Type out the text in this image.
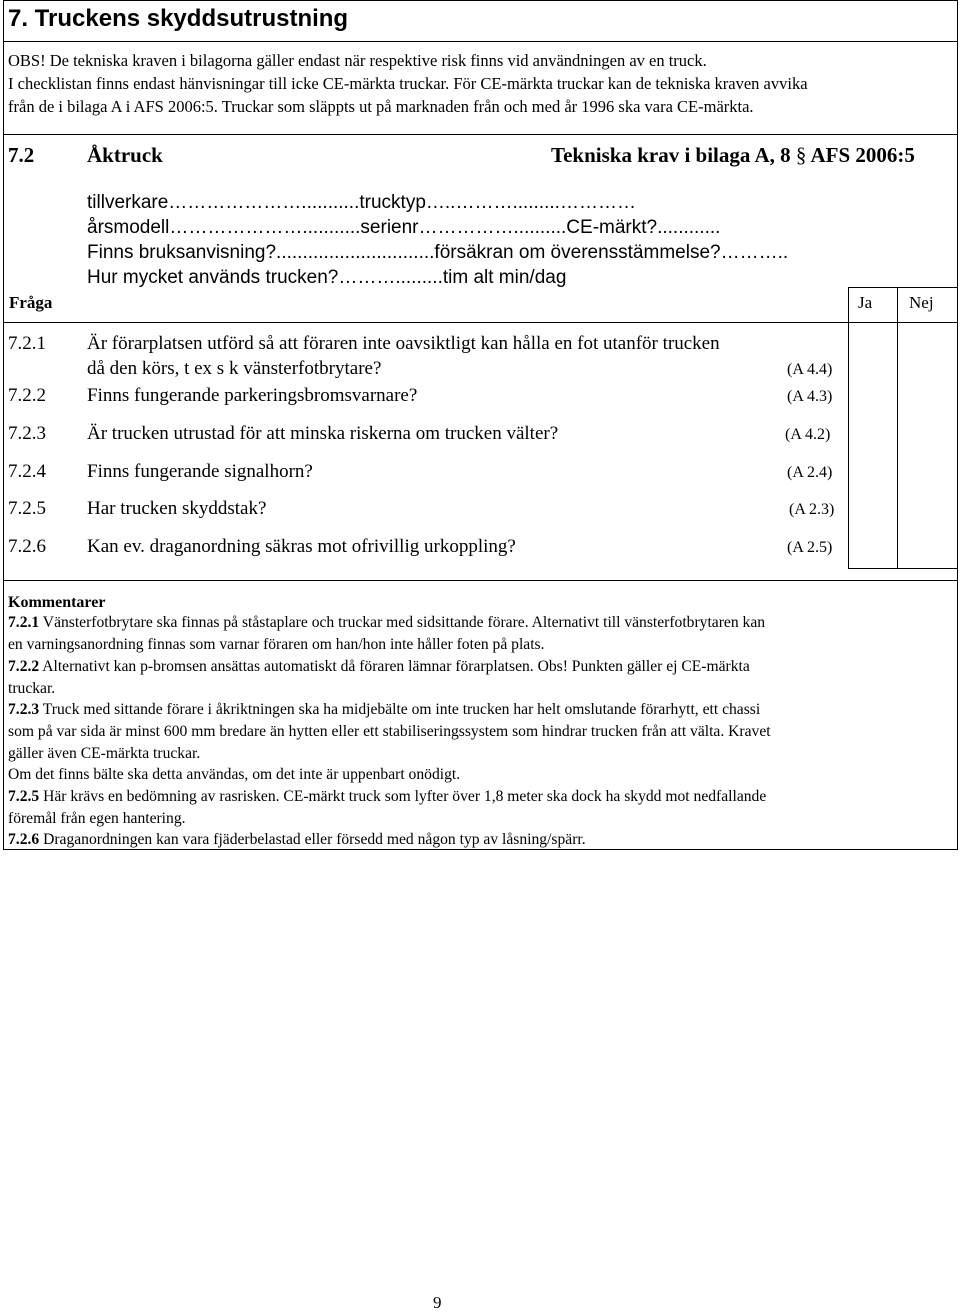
7. Truckens skyddsutrustning
OBS! De tekniska kraven i bilagorna gäller endast när respektive risk finns vid användningen av en truck.
I checklistan finns endast hänvisningar till icke CE-märkta truckar. För CE-märkta truckar kan de tekniska kraven avvika
från de i bilaga A i AFS 2006:5. Truckar som släppts ut på marknaden från och med år 1996 ska vara CE-märkta.
7.2	Åktruck	Tekniska krav i bilaga A, 8 § AFS 2006:5
tillverkare…………………...........trucktyp…..……….........…………
årsmodell…………………...........serienr……………..........CE-märkt?............
Finns bruksanvisning?..............................försäkran om överensstämmelse?………..
Hur mycket används trucken?……….........tim alt min/dag
Fråga	Ja Nej
7.2.1 Är förarplatsen utförd så att föraren inte oavsiktligt kan hålla en fot utanför trucken
då den körs, t ex s k vänsterfotbrytare?	(A 4.4)
7.2.2 Finns fungerande parkeringsbromsvarnare?	(A 4.3)
7.2.3 Är trucken utrustad för att minska riskerna om trucken välter?	(A 4.2)
7.2.4 Finns fungerande signalhorn?	(A 2.4)
7.2.5 Har trucken skyddstak?	(A 2.3)
7.2.6 Kan ev. draganordning säkras mot ofrivillig urkoppling?	(A 2.5)
Kommentarer
7.2.1 Vänsterfotbrytare ska finnas på ståstaplare och truckar med sidsittande förare. Alternativt till vänsterfotbrytaren kan
en varningsanordning finnas som varnar föraren om han/hon inte håller foten på plats.
7.2.2 Alternativt kan p-bromsen ansättas automatiskt då föraren lämnar förarplatsen. Obs! Punkten gäller ej CE-märkta
truckar.
7.2.3 Truck med sittande förare i åkriktningen ska ha midjebälte om inte trucken har helt omslutande förarhytt, ett chassi
som på var sida är minst 600 mm bredare än hytten eller ett stabiliseringssystem som hindrar trucken från att välta. Kravet
gäller även CE-märkta truckar.
Om det finns bälte ska detta användas, om det inte är uppenbart onödigt.
7.2.5 Här krävs en bedömning av rasrisken. CE-märkt truck som lyfter över 1,8 meter ska dock ha skydd mot nedfallande
föremål från egen hantering.
7.2.6 Draganordningen kan vara fjäderbelastad eller försedd med någon typ av låsning/spärr.
9
